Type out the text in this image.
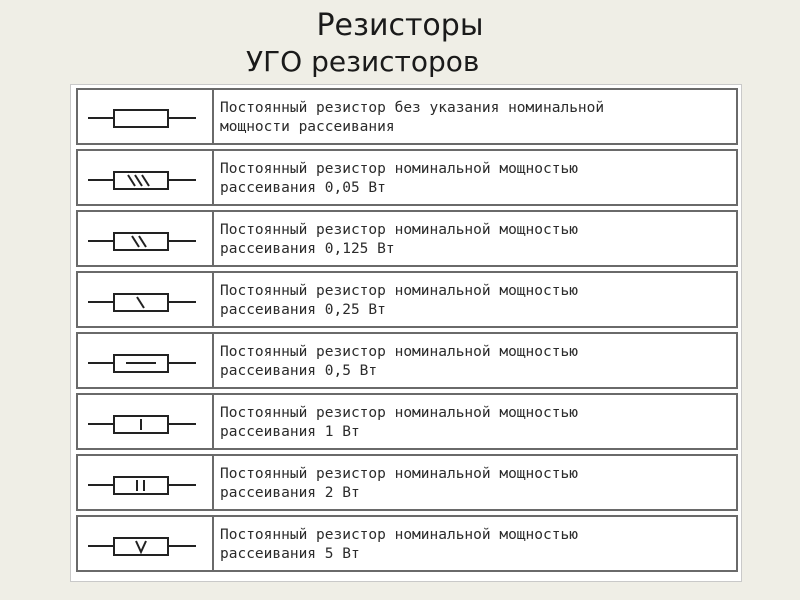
Резисторы
УГО резисторов
Постоянный резистор без указания номинальной
мощности рассеивания
Постоянный резистор номинальной мощностью
рассеивания 0,05 Вт
Постоянный резистор номинальной мощностью
рассеивания 0,125 Вт
Постоянный резистор номинальной мощностью
рассеивания 0,25 Вт
Постоянный резистор номинальной мощностью
рассеивания 0,5 Вт
Постоянный резистор номинальной мощностью
рассеивания 1 Вт
Постоянный резистор номинальной мощностью
рассеивания 2 Вт
Постоянный резистор номинальной мощностью
рассеивания 5 Вт
